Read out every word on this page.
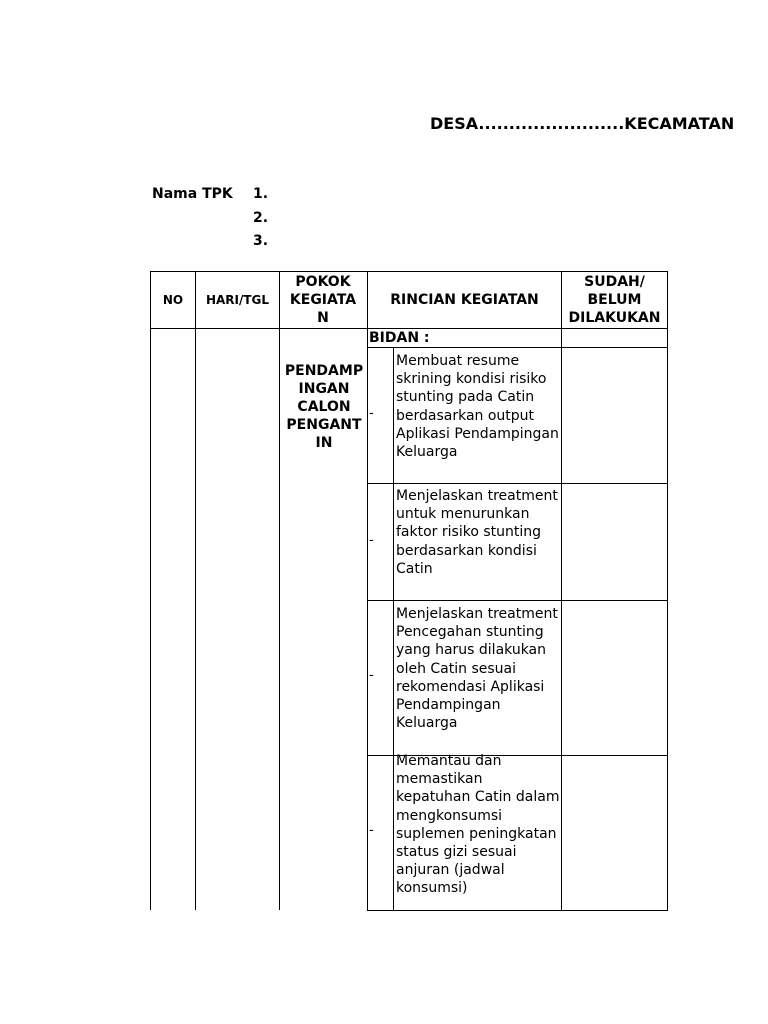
DESA........................KECAMATAN
Nama TPK 1.
2.
3.
NO	HARI/TGL
POKOK KEGIATA N
RINCIAN KEGIATAN
SUDAH/ BELUM DILAKUKAN
BIDAN :
PENDAMP INGAN CALON PENGANT IN
-
Membuat resume skrining kondisi risiko stunting pada Catin berdasarkan output Aplikasi Pendampingan Keluarga
-
Menjelaskan treatment untuk menurunkan faktor risiko stunting berdasarkan kondisi Catin
-
Menjelaskan treatment Pencegahan stunting yang harus dilakukan oleh Catin sesuai rekomendasi Aplikasi Pendampingan Keluarga
-
Memantau dan memastikan kepatuhan Catin dalam mengkonsumsi suplemen peningkatan status gizi sesuai anjuran (jadwal konsumsi)
